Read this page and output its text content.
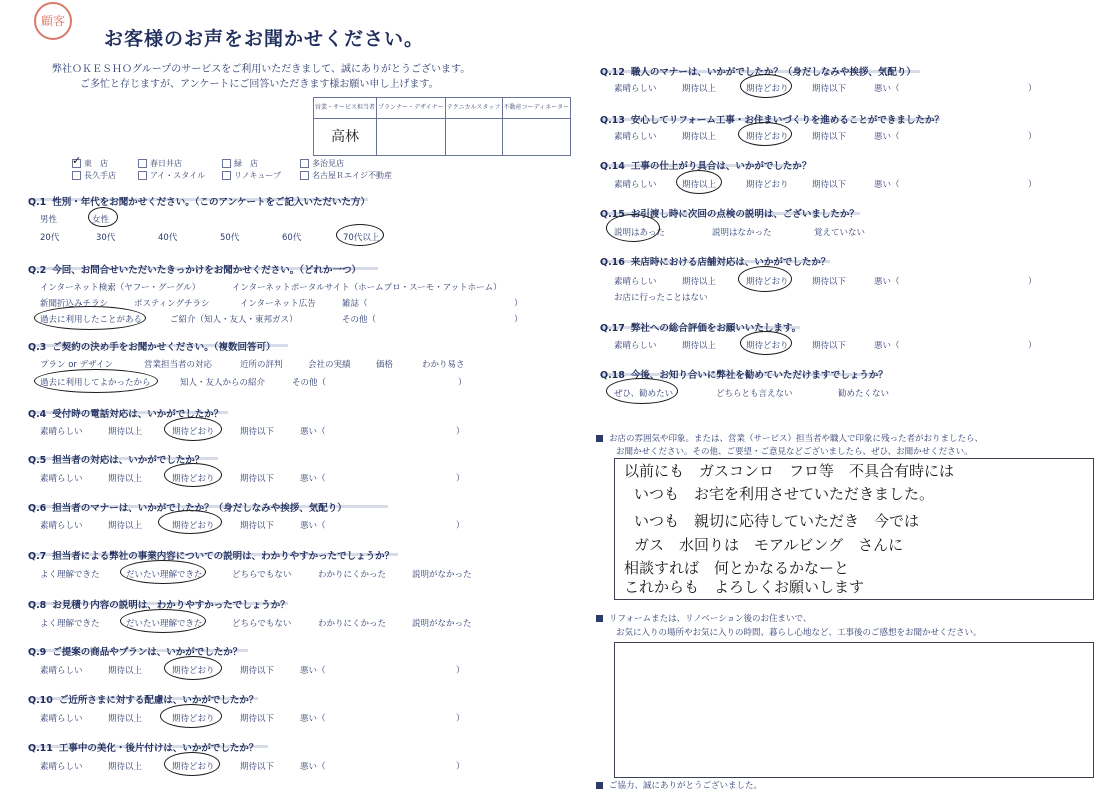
顧客
お客様のお声をお聞かせください。
弊社ＯＫＥＳＨＯグループのサービスをご利用いただきまして、誠にありがとうございます。
ご多忙と存じますが、アンケートにご回答いただきます様お願い申し上げます。
営業・サービス担当者	プランナー・デザイナー	テクニカルスタッフ	不動産コーディネーター
高林			
✓東　店	春日井店	緑　店	多治見店
長久手店	アイ・スタイル	リノキューブ	名古屋Ｒエイジ不動産
Q.1 性別・年代をお聞かせください。（このアンケートをご記入いただいた方）
男性	女性
20代	30代	40代	50代	60代	70代以上
Q.2 今回、お問合せいただいたきっかけをお聞かせください。（どれか一つ）
インターネット検索（ヤフー・グーグル）	インターネットポータルサイト（ホームプロ・スーモ・アットホーム）
新聞折込みチラシ	ポスティングチラシ	インターネット広告	雑誌（	）
過去に利用したことがある	ご紹介（知人・友人・東邦ガス）	その他（	）
Q.3 ご契約の決め手をお聞かせください。（複数回答可）
プラン or デザイン	営業担当者の対応	近所の評判	会社の実績	価格	わかり易さ
過去に利用してよかったから	知人・友人からの紹介	その他（	）
Q.4 受付時の電話対応は、いかがでしたか？
素晴らしい	期待以上	期待どおり	期待以下	悪い（	）
Q.5 担当者の対応は、いかがでしたか？
素晴らしい	期待以上	期待どおり	期待以下	悪い（	）
Q.6 担当者のマナーは、いかがでしたか？（身だしなみや挨拶、気配り）
素晴らしい	期待以上	期待どおり	期待以下	悪い（	）
Q.7 担当者による弊社の事業内容についての説明は、わかりやすかったでしょうか？
よく理解できた	だいたい理解できた	どちらでもない	わかりにくかった	説明がなかった
Q.8 お見積り内容の説明は、わかりやすかったでしょうか？
よく理解できた	だいたい理解できた	どちらでもない	わかりにくかった	説明がなかった
Q.9 ご提案の商品やプランは、いかがでしたか？
素晴らしい	期待以上	期待どおり	期待以下	悪い（	）
Q.10 ご近所さまに対する配慮は、いかがでしたか？
素晴らしい	期待以上	期待どおり	期待以下	悪い（	）
Q.11 工事中の美化・後片付けは、いかがでしたか？
素晴らしい	期待以上	期待どおり	期待以下	悪い（	）
Q.12 職人のマナーは、いかがでしたか？（身だしなみや挨拶、気配り）
素晴らしい	期待以上	期待どおり	期待以下	悪い（	）
Q.13 安心してリフォーム工事・お住まいづくりを進めることができましたか？
素晴らしい	期待以上	期待どおり	期待以下	悪い（	）
Q.14 工事の仕上がり具合は、いかがでしたか？
素晴らしい	期待以上	期待どおり	期待以下	悪い（	）
Q.15 お引渡し時に次回の点検の説明は、ございましたか？
説明はあった	説明はなかった	覚えていない
Q.16 来店時における店舗対応は、いかがでしたか？
素晴らしい	期待以上	期待どおり	期待以下	悪い（	）
お店に行ったことはない
Q.17 弊社への総合評価をお願いいたします。
素晴らしい	期待以上	期待どおり	期待以下	悪い（	）
Q.18 今後、お知り合いに弊社を勧めていただけますでしょうか？
ぜひ、勧めたい	どちらとも言えない	勧めたくない
お店の雰囲気や印象。または、営業（サービス）担当者や職人で印象に残った者がおりましたら、
お聞かせください。その他、ご要望・ご意見などございましたら、ぜひ、お聞かせください。
以前にも　ガスコンロ　フロ等　不具合有時には
いつも　お宅を利用させていただきました。
いつも　親切に応待していただき　今では
ガス　水回りは　モアルビング　さんに
相談すれば　何とかなるかなーと
これからも　よろしくお願いします
リフォームまたは、リノベーション後のお住まいで、
お気に入りの場所やお気に入りの時間、暮らし心地など、工事後のご感想をお聞かせください。
ご協力、誠にありがとうございました。
